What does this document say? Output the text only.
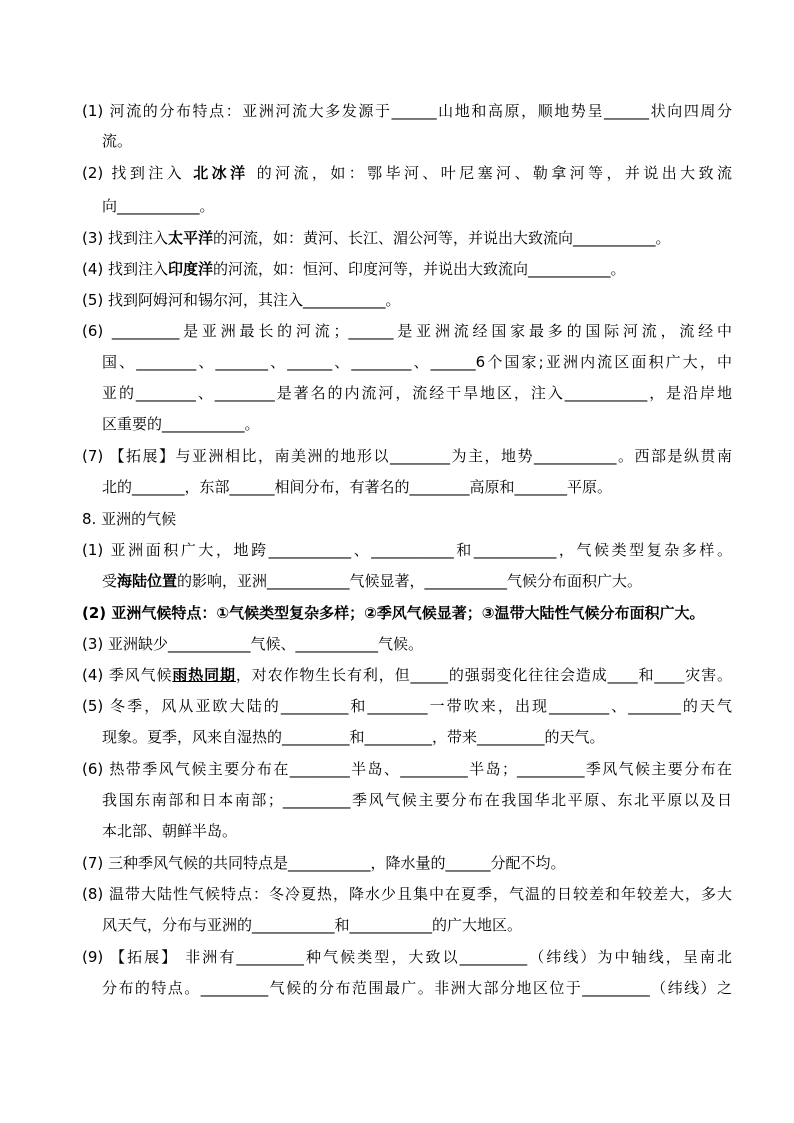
(1) 河流的分布特点：亚洲河流大多发源于______山地和高原，顺地势呈______状向四周分
流。
(2) 找到注入 北冰洋 的河流，如：鄂毕河、叶尼塞河、勒拿河等，并说出大致流
向___________。
(3) 找到注入太平洋的河流，如：黄河、长江、湄公河等，并说出大致流向___________。
(4) 找到注入印度洋的河流，如：恒河、印度河等，并说出大致流向___________。
(5) 找到阿姆河和锡尔河，其注入___________。
(6) _________是亚洲最长的河流；______是亚洲流经国家最多的国际河流，流经中
国、________、_______、______、________、______6个国家;亚洲内流区面积广大，中
亚的________、________是著名的内流河，流经干旱地区，注入___________，是沿岸地
区重要的___________。
(7) 【拓展】与亚洲相比，南美洲的地形以________为主，地势___________。西部是纵贯南
北的_______，东部______相间分布，有著名的________高原和_______平原。
8. 亚洲的气候
(1) 亚洲面积广大，地跨___________、___________和___________，气候类型复杂多样。
受海陆位置的影响，亚洲___________气候显著，___________气候分布面积广大。
(2) 亚洲气候特点：①气候类型复杂多样；②季风气候显著；③温带大陆性气候分布面积广大。
(3) 亚洲缺少___________气候、___________气候。
(4) 季风气候雨热同期，对农作物生长有利，但_____的强弱变化往往会造成____和____灾害。
(5) 冬季，风从亚欧大陆的_________和________一带吹来，出现________、_______的天气
现象。夏季，风来自湿热的_________和_________，带来_________的天气。
(6) 热带季风气候主要分布在________半岛、_________半岛；_________季风气候主要分布在
我国东南部和日本南部；_________季风气候主要分布在我国华北平原、东北平原以及日
本北部、朝鲜半岛。
(7) 三种季风气候的共同特点是___________，降水量的______分配不均。
(8) 温带大陆性气候特点：冬冷夏热，降水少且集中在夏季，气温的日较差和年较差大，多大
风天气，分布与亚洲的___________和___________的广大地区。
(9) 【拓展】 非洲有_________种气候类型，大致以_________（纬线）为中轴线，呈南北
分布的特点。_________气候的分布范围最广。非洲大部分地区位于_________（纬线）之
